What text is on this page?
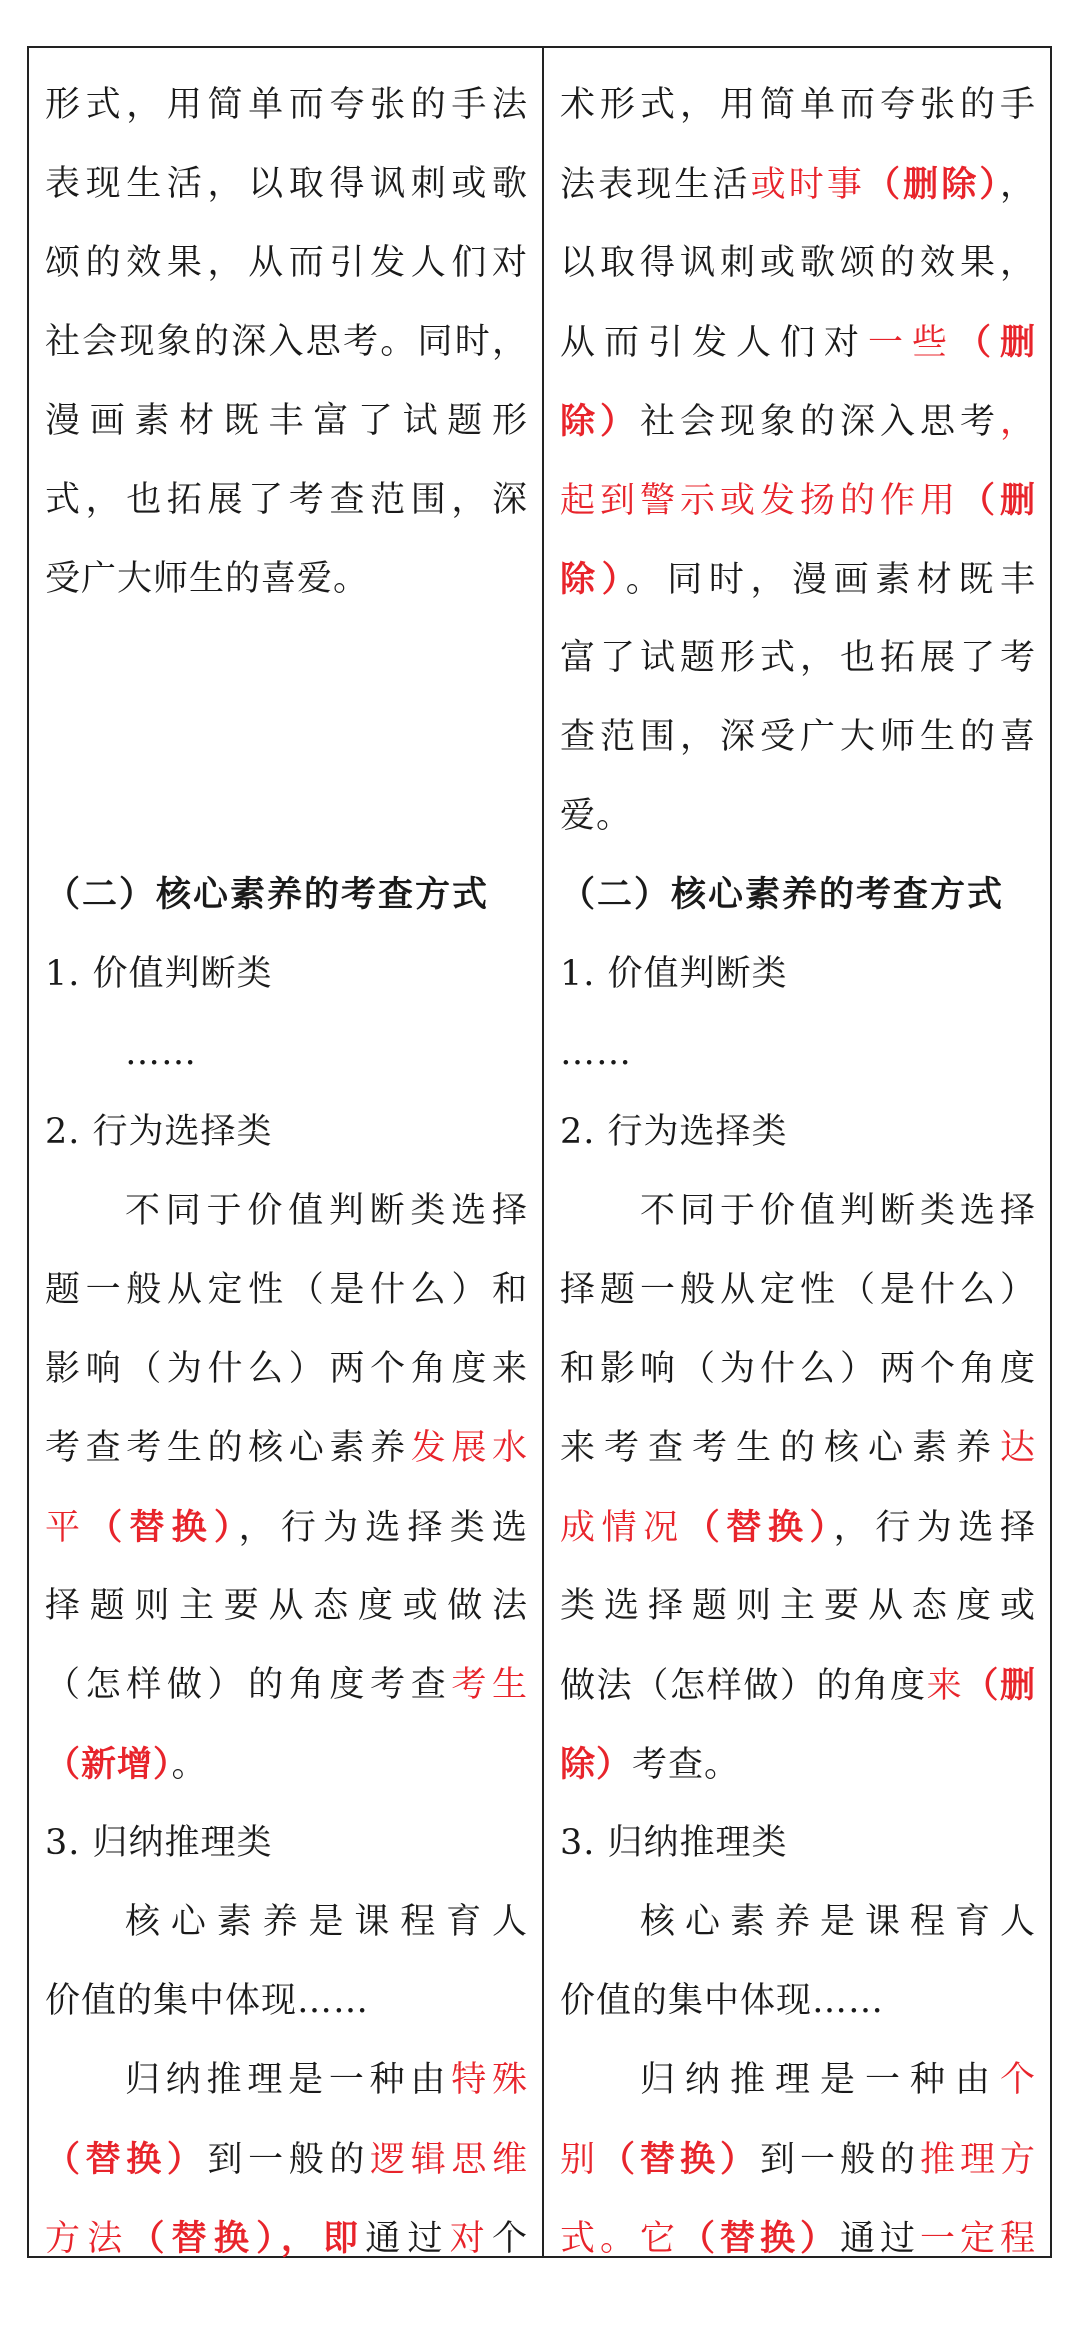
形式，用简单而夸张的手法
表现生活，以取得讽刺或歌
颂的效果，从而引发人们对
社会现象的深入思考。同时，
漫画素材既丰富了试题形
式，也拓展了考查范围，深
受广大师生的喜爱。
（二）核心素养的考查方式
1. 价值判断类
……
2. 行为选择类
不同于价值判断类选择
题一般从定性（是什么）和
影响（为什么）两个角度来
考查考生的核心素养发展水
平（替换），行为选择类选
择题则主要从态度或做法
（怎样做）的角度考查考生
（新增）。
3. 归纳推理类
核心素养是课程育人
价值的集中体现……
归纳推理是一种由特殊
（替换）到一般的逻辑思维
方法（替换），即通过对个
术形式，用简单而夸张的手
法表现生活或时事（删除），
以取得讽刺或歌颂的效果，
从而引发人们对一些（删
除）社会现象的深入思考，
起到警示或发扬的作用（删
除）。同时，漫画素材既丰
富了试题形式，也拓展了考
查范围，深受广大师生的喜
爱。
（二）核心素养的考查方式
1. 价值判断类
……
2. 行为选择类
不同于价值判断类选择
择题一般从定性（是什么）
和影响（为什么）两个角度
来考查考生的核心素养达
成情况（替换），行为选择
类选择题则主要从态度或
做法（怎样做）的角度来（删
除）考查。
3. 归纳推理类
核心素养是课程育人
价值的集中体现……
归纳推理是一种由个
别（替换）到一般的推理方
式。它（替换）通过一定程
